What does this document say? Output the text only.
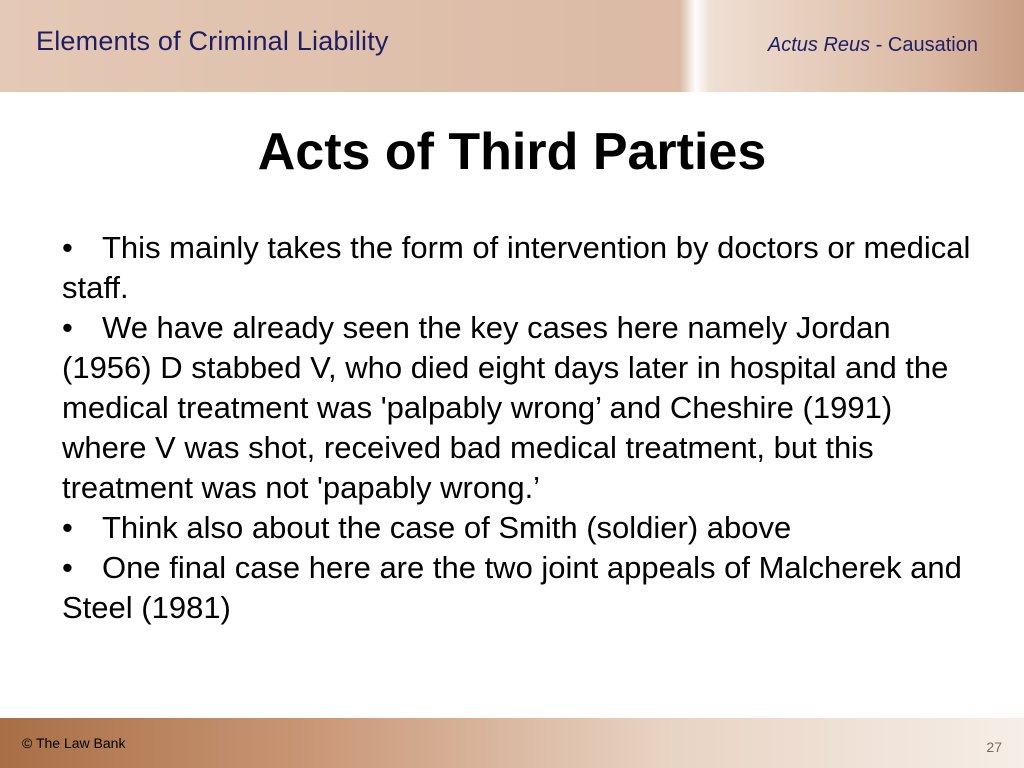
Elements of Criminal Liability	Actus Reus - Causation
Acts of Third Parties

• This mainly takes the form of intervention by doctors or medical staff.

• We have already seen the key cases here namely Jordan (1956) D stabbed V, who died eight days later in hospital and the medical treatment was 'palpably wrong’ and Cheshire (1991) where V was shot, received bad medical treatment, but this treatment was not 'papably wrong.’

• Think also about the case of Smith (soldier) above

• One final case here are the two joint appeals of Malcherek and Steel (1981)

© The Law Bank	27
